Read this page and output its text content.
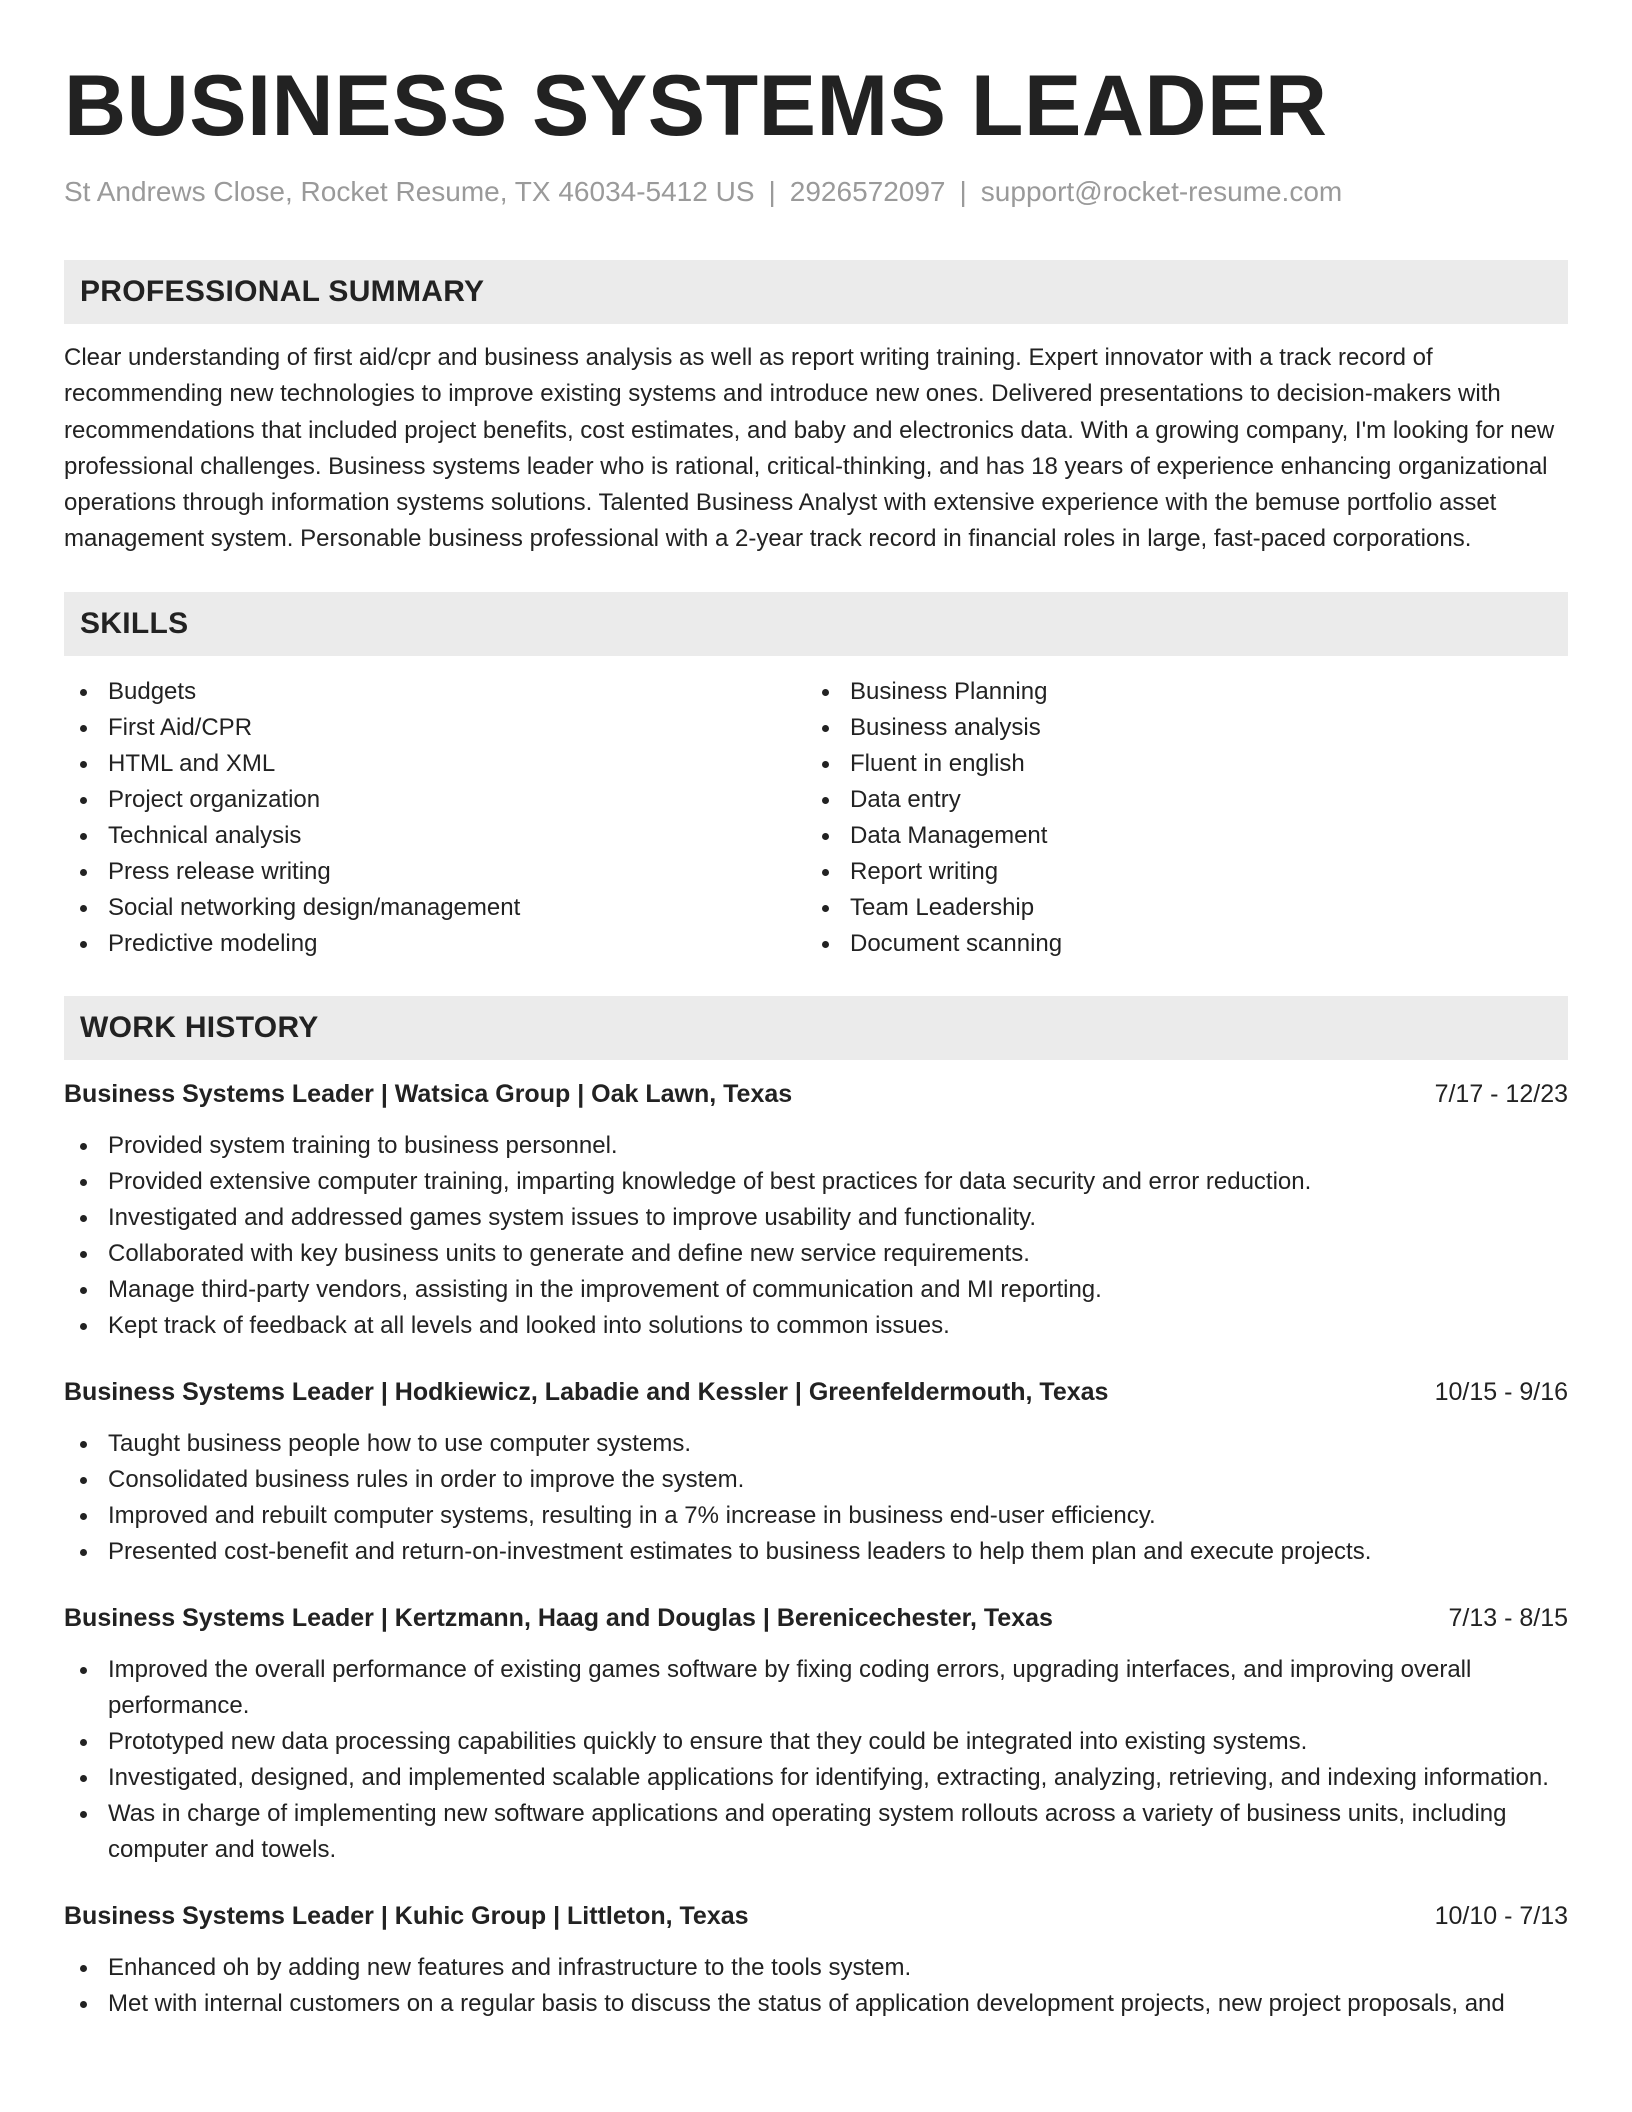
BUSINESS SYSTEMS LEADER
St Andrews Close, Rocket Resume, TX 46034-5412 US | 2926572097 | support@rocket-resume.com
PROFESSIONAL SUMMARY

Clear understanding of first aid/cpr and business analysis as well as report writing training. Expert innovator with a track record of recommending new technologies to improve existing systems and introduce new ones. Delivered presentations to decision-makers with recommendations that included project benefits, cost estimates, and baby and electronics data. With a growing company, I'm looking for new professional challenges. Business systems leader who is rational, critical-thinking, and has 18 years of experience enhancing organizational operations through information systems solutions. Talented Business Analyst with extensive experience with the bemuse portfolio asset management system. Personable business professional with a 2-year track record in financial roles in large, fast-paced corporations.

SKILLS
Budgets
First Aid/CPR
HTML and XML
Project organization
Technical analysis
Press release writing
Social networking design/management
Predictive modeling
Business Planning
Business analysis
Fluent in english
Data entry
Data Management
Report writing
Team Leadership
Document scanning
WORK HISTORY
Business Systems Leader | Watsica Group | Oak Lawn, Texas	7/17 - 12/23
Provided system training to business personnel.
Provided extensive computer training, imparting knowledge of best practices for data security and error reduction.
Investigated and addressed games system issues to improve usability and functionality.
Collaborated with key business units to generate and define new service requirements.
Manage third-party vendors, assisting in the improvement of communication and MI reporting.
Kept track of feedback at all levels and looked into solutions to common issues.
Business Systems Leader | Hodkiewicz, Labadie and Kessler | Greenfeldermouth, Texas	10/15 - 9/16
Taught business people how to use computer systems.
Consolidated business rules in order to improve the system.
Improved and rebuilt computer systems, resulting in a 7% increase in business end-user efficiency.
Presented cost-benefit and return-on-investment estimates to business leaders to help them plan and execute projects.
Business Systems Leader | Kertzmann, Haag and Douglas | Berenicechester, Texas	7/13 - 8/15
Improved the overall performance of existing games software by fixing coding errors, upgrading interfaces, and improving overall performance.
Prototyped new data processing capabilities quickly to ensure that they could be integrated into existing systems.
Investigated, designed, and implemented scalable applications for identifying, extracting, analyzing, retrieving, and indexing information.
Was in charge of implementing new software applications and operating system rollouts across a variety of business units, including computer and towels.
Business Systems Leader | Kuhic Group | Littleton, Texas	10/10 - 7/13
Enhanced oh by adding new features and infrastructure to the tools system.
Met with internal customers on a regular basis to discuss the status of application development projects, new project proposals, and
